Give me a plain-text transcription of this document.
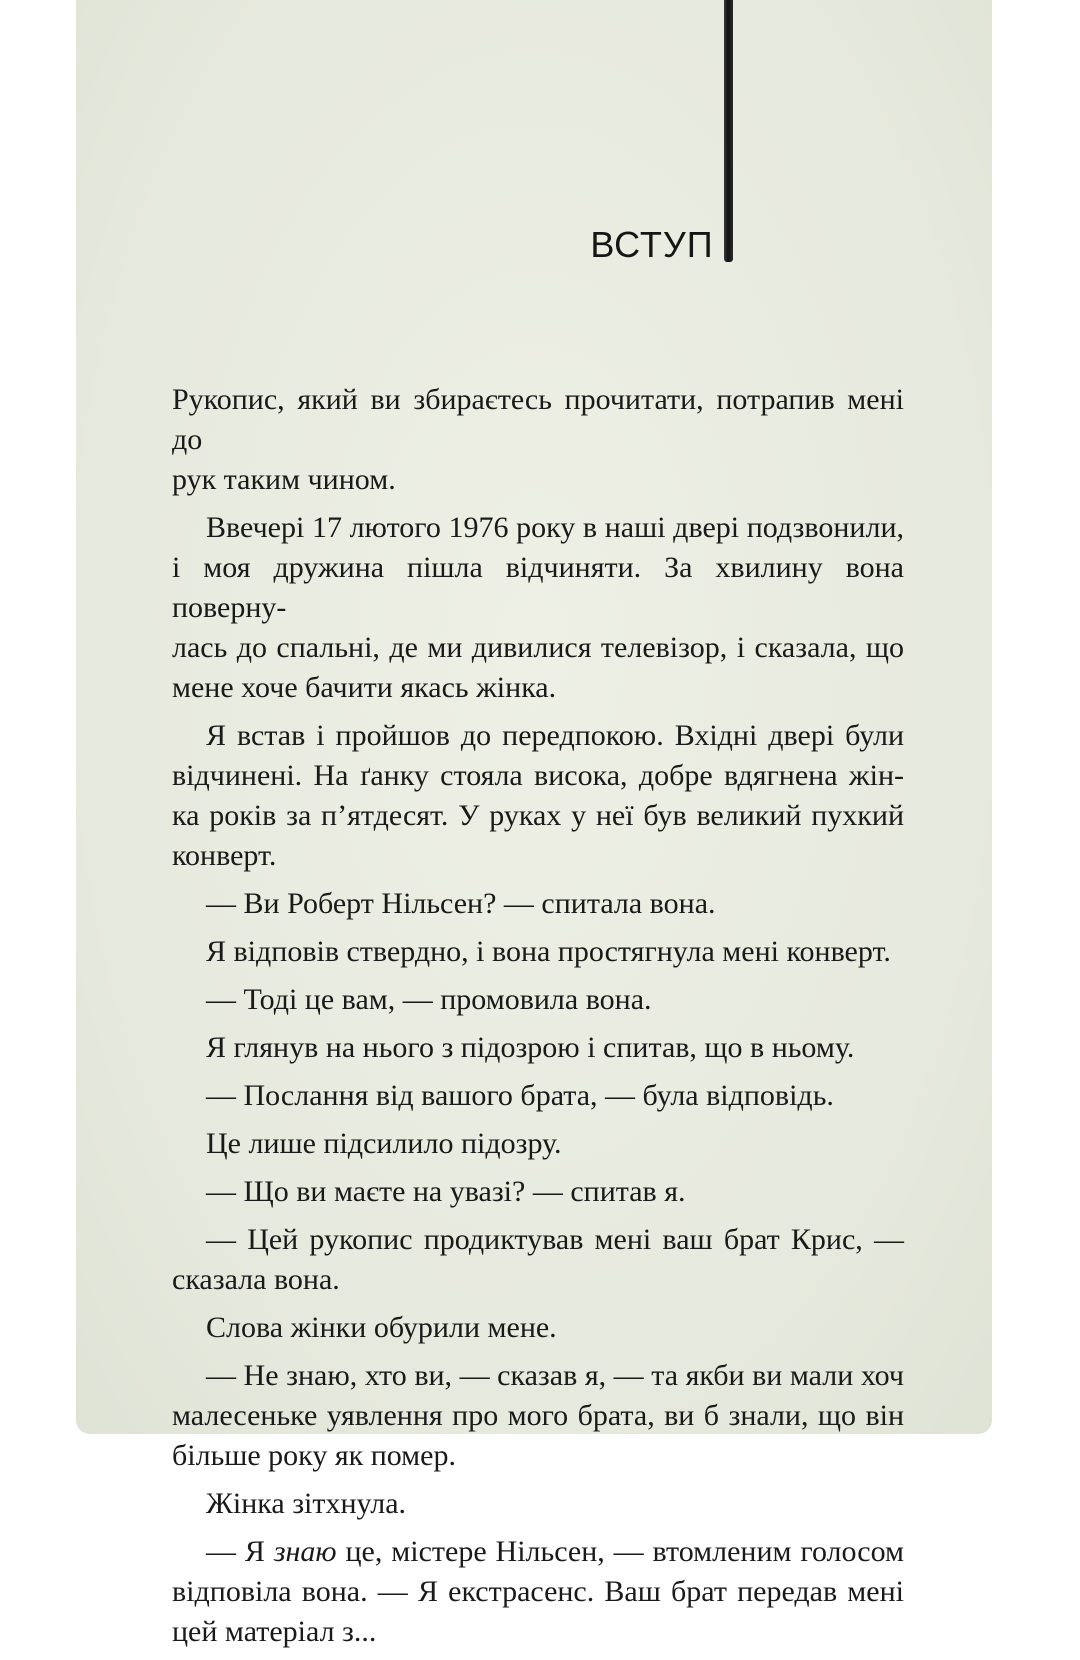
ВСТУП
Рукопис, який ви збираєтесь прочитати, потрапив мені до
рук таким чином.
Ввечері 17 лютого 1976 року в наші двері подзвонили,
і моя дружина пішла відчиняти. За хвилину вона поверну-
лась до спальні, де ми дивилися телевізор, і сказала, що
мене хоче бачити якась жінка.
Я встав і пройшов до передпокою. Вхідні двері були
відчинені. На ґанку стояла висока, добре вдягнена жін-
ка років за п’ятдесят. У руках у неї був великий пухкий
конверт.
— Ви Роберт Нільсен? — спитала вона.
Я відповів ствердно, і вона простягнула мені конверт.
— Тоді це вам, — промовила вона.
Я глянув на нього з підозрою і спитав, що в ньому.
— Послання від вашого брата, — була відповідь.
Це лише підсилило підозру.
— Що ви маєте на увазі? — спитав я.
— Цей рукопис продиктував мені ваш брат Крис, —
сказала вона.
Слова жінки обурили мене.
— Не знаю, хто ви, — сказав я, — та якби ви мали хоч
малесеньке уявлення про мого брата, ви б знали, що він
більше року як помер.
Жінка зітхнула.
— Я знаю це, містере Нільсен, — втомленим голосом
відповіла вона. — Я екстрасенс. Ваш брат передав мені
цей матеріал з...
